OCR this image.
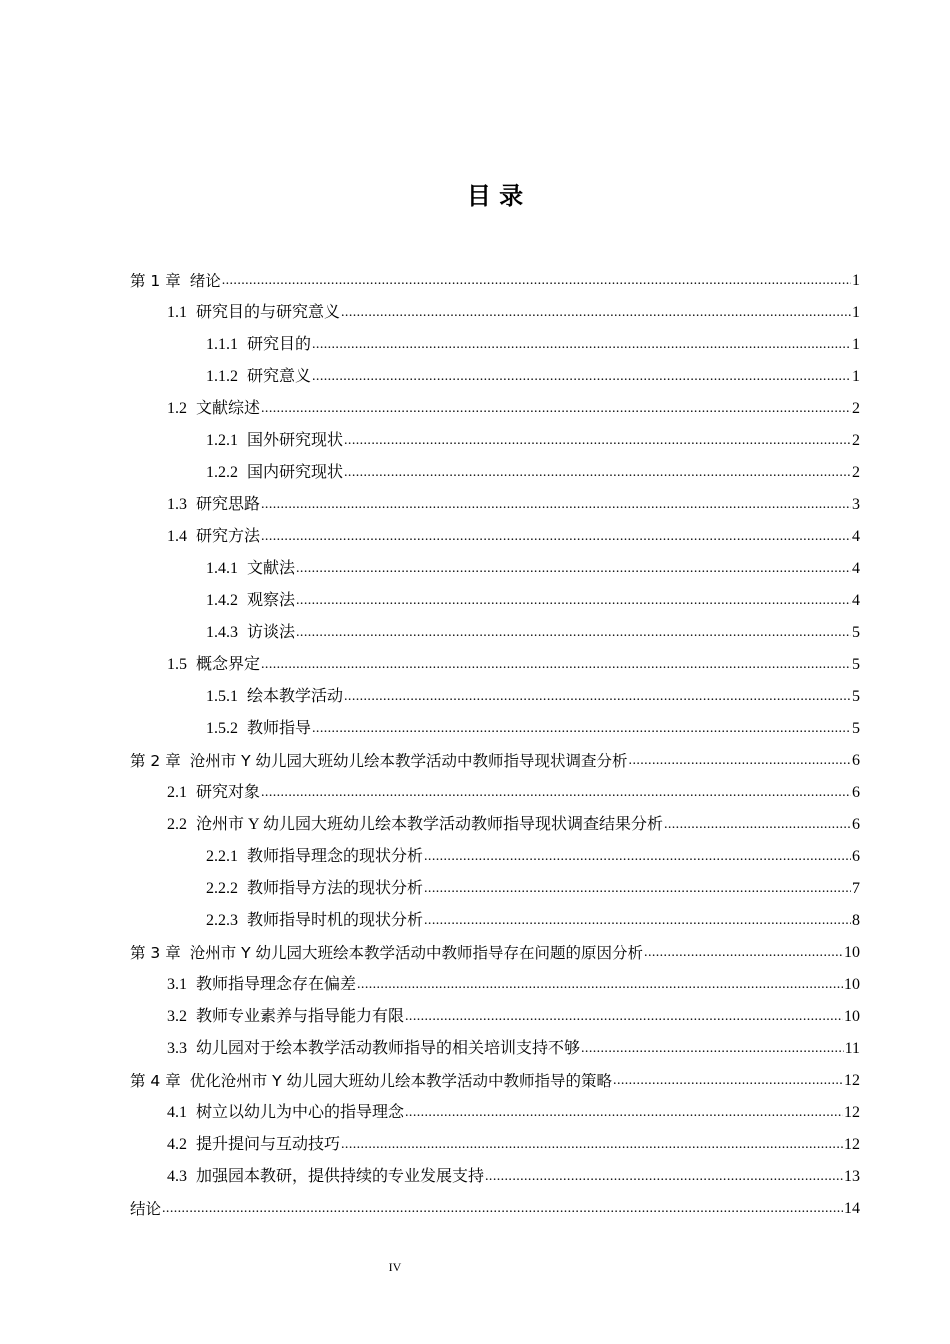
目 录
第 1 章 绪论 .....	1
1.1 研究目的与研究意义 .....	1
1.1.1 研究目的 .....	1
1.1.2 研究意义 .....	1
1.2 文献综述 .....	2
1.2.1 国外研究现状 .....	2
1.2.2 国内研究现状 .....	2
1.3 研究思路 .....	3
1.4 研究方法 .....	4
1.4.1 文献法 .....	4
1.4.2 观察法 .....	4
1.4.3 访谈法 .....	5
1.5 概念界定 .....	5
1.5.1 绘本教学活动 .....	5
1.5.2 教师指导 .....	5
第 2 章 沧州市 Y 幼儿园大班幼儿绘本教学活动中教师指导现状调查分析 .....	6
2.1 研究对象 .....	6
2.2 沧州市 Y 幼儿园大班幼儿绘本教学活动教师指导现状调查结果分析 .....	6
2.2.1 教师指导理念的现状分析 .....	6
2.2.2 教师指导方法的现状分析 .....	7
2.2.3 教师指导时机的现状分析 .....	8
第 3 章 沧州市 Y 幼儿园大班绘本教学活动中教师指导存在问题的原因分析 .....	10
3.1 教师指导理念存在偏差 .....	10
3.2 教师专业素养与指导能力有限 .....	10
3.3 幼儿园对于绘本教学活动教师指导的相关培训支持不够 .....	11
第 4 章 优化沧州市 Y 幼儿园大班幼儿绘本教学活动中教师指导的策略 .....	12
4.1 树立以幼儿为中心的指导理念 .....	12
4.2 提升提问与互动技巧 .....	12
4.3 加强园本教研，提供持续的专业发展支持 .....	13
结论 .....	14
IV
